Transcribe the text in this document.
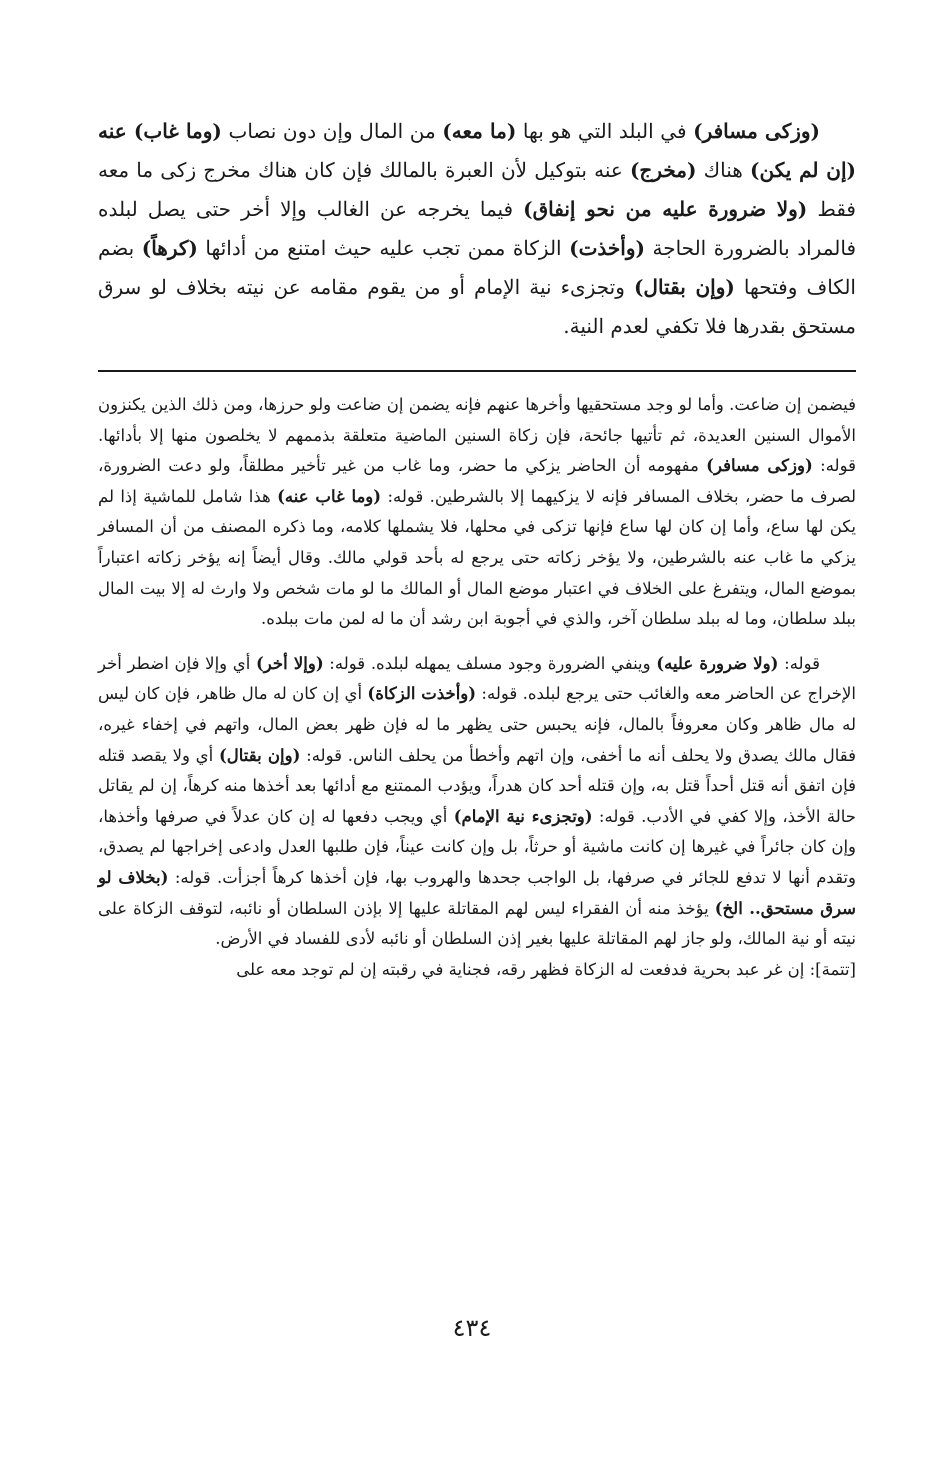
(وزكى مسافر) في البلد التي هو بها (ما معه) من المال وإن دون نصاب (وما غاب) عنه (إن لم يكن) هناك (مخرج) عنه بتوكيل لأن العبرة بالمالك فإن كان هناك مخرج زكى ما معه فقط (ولا ضرورة عليه من نحو إنفاق) فيما يخرجه عن الغالب وإلا أخر حتى يصل لبلده فالمراد بالضرورة الحاجة (وأخذت) الزكاة ممن تجب عليه حيث امتنع من أدائها (كرهاً) بضم الكاف وفتحها (وإن بقتال) وتجزىء نية الإمام أو من يقوم مقامه عن نيته بخلاف لو سرق مستحق بقدرها فلا تكفي لعدم النية.

فيضمن إن ضاعت. وأما لو وجد مستحقيها وأخرها عنهم فإنه يضمن إن ضاعت ولو حرزها، ومن ذلك الذين يكنزون الأموال السنين العديدة، ثم تأتيها جائحة، فإن زكاة السنين الماضية متعلقة بذممهم لا يخلصون منها إلا بأدائها. قوله: (وزكى مسافر) مفهومه أن الحاضر يزكي ما حضر، وما غاب من غير تأخير مطلقاً، ولو دعت الضرورة، لصرف ما حضر، بخلاف المسافر فإنه لا يزكيهما إلا بالشرطين. قوله: (وما غاب عنه) هذا شامل للماشية إذا لم يكن لها ساع، وأما إن كان لها ساع فإنها تزكى في محلها، فلا يشملها كلامه، وما ذكره المصنف من أن المسافر يزكي ما غاب عنه بالشرطين، ولا يؤخر زكاته حتى يرجع له بأحد قولي مالك. وقال أيضاً إنه يؤخر زكاته اعتباراً بموضع المال، ويتفرغ على الخلاف في اعتبار موضع المال أو المالك ما لو مات شخص ولا وارث له إلا بيت المال ببلد سلطان، وما له ببلد سلطان آخر، والذي في أجوبة ابن رشد أن ما له لمن مات ببلده.

قوله: (ولا ضرورة عليه) وينفي الضرورة وجود مسلف يمهله لبلده. قوله: (وإلا أخر) أي وإلا فإن اضطر أخر الإخراج عن الحاضر معه والغائب حتى يرجع لبلده. قوله: (وأخذت الزكاة) أي إن كان له مال ظاهر، فإن كان ليس له مال ظاهر وكان معروفاً بالمال، فإنه يحبس حتى يظهر ما له فإن ظهر بعض المال، واتهم في إخفاء غيره، فقال مالك يصدق ولا يحلف أنه ما أخفى، وإن اتهم وأخطأ من يحلف الناس. قوله: (وإن بقتال) أي ولا يقصد قتله فإن اتفق أنه قتل أحداً قتل به، وإن قتله أحد كان هدراً، ويؤدب الممتنع مع أدائها بعد أخذها منه كرهاً، إن لم يقاتل حالة الأخذ، وإلا كفي في الأدب. قوله: (وتجزىء نية الإمام) أي ويجب دفعها له إن كان عدلاً في صرفها وأخذها، وإن كان جائراً في غيرها إن كانت ماشية أو حرثاً، بل وإن كانت عيناً، فإن طلبها العدل وادعى إخراجها لم يصدق، وتقدم أنها لا تدفع للجائر في صرفها، بل الواجب جحدها والهروب بها، فإن أخذها كرهاً أجزأت. قوله: (بخلاف لو سرق مستحق.. الخ) يؤخذ منه أن الفقراء ليس لهم المقاتلة عليها إلا بإذن السلطان أو نائبه، لتوقف الزكاة على نيته أو نية المالك، ولو جاز لهم المقاتلة عليها بغير إذن السلطان أو نائبه لأدى للفساد في الأرض.

[تتمة]: إن غر عبد بحرية فدفعت له الزكاة فظهر رقه، فجناية في رقبته إن لم توجد معه على

٤٣٤
